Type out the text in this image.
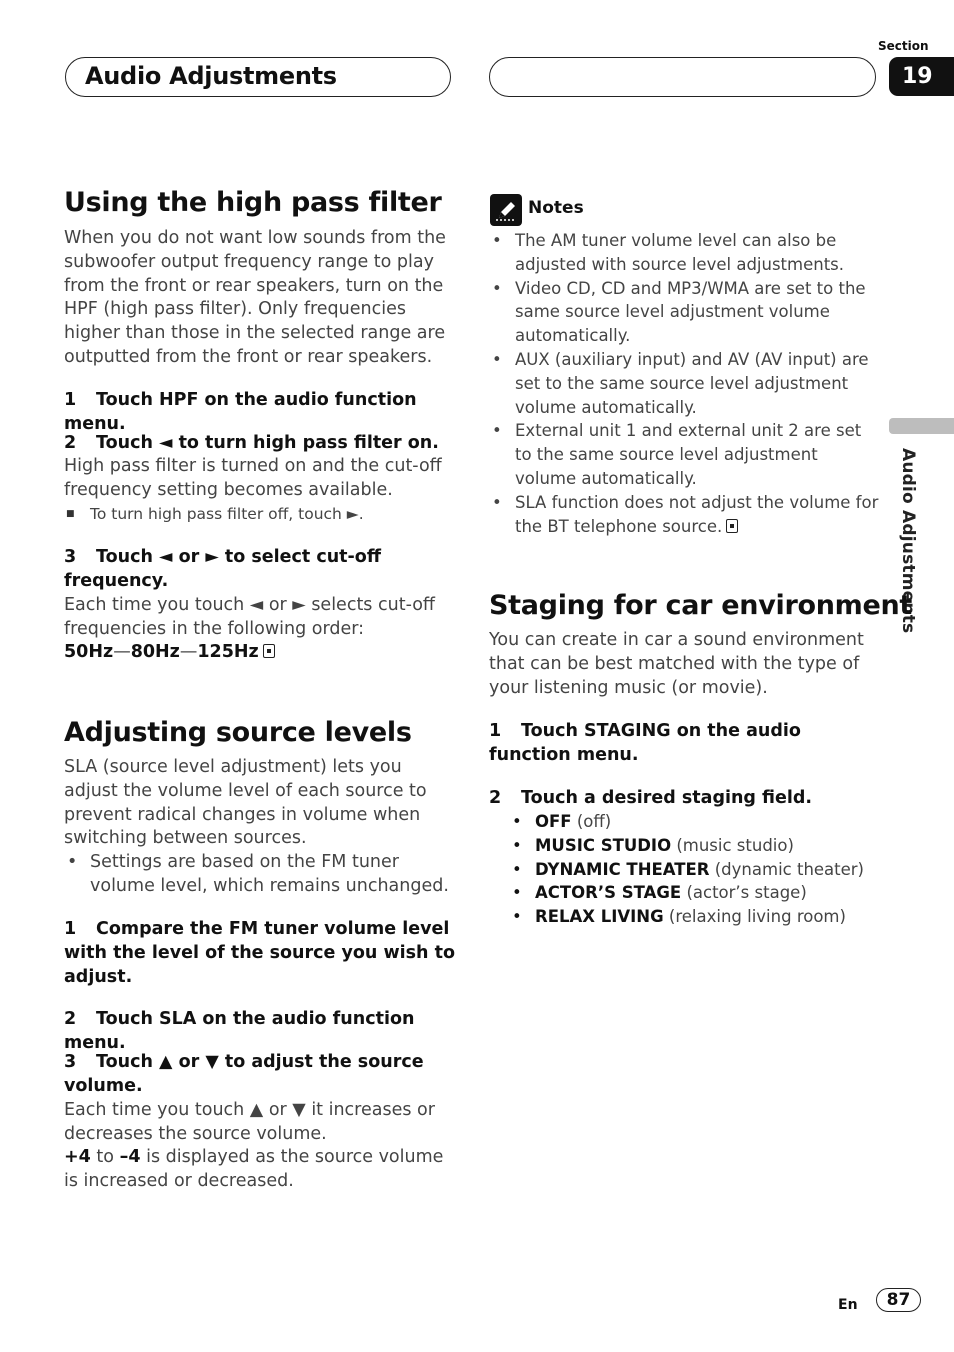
Audio Adjustments
Section
19
Audio Adjustments
Using the high pass filter
When you do not want low sounds from the subwoofer output frequency range to play from the front or rear speakers, turn on the HPF (high pass filter). Only frequencies higher than those in the selected range are outputted from the front or rear speakers.
1 Touch HPF on the audio function menu.
2 Touch ◄ to turn high pass filter on.
High pass filter is turned on and the cut-off frequency setting becomes available.
■ To turn high pass filter off, touch ►.
3 Touch ◄ or ► to select cut-off frequency.
Each time you touch ◄ or ► selects cut-off frequencies in the following order:
50Hz—80Hz—125Hz
Adjusting source levels
SLA (source level adjustment) lets you adjust the volume level of each source to prevent radical changes in volume when switching between sources.
• Settings are based on the FM tuner volume level, which remains unchanged.
1 Compare the FM tuner volume level with the level of the source you wish to adjust.
2 Touch SLA on the audio function menu.
3 Touch ▲ or ▼ to adjust the source volume.
Each time you touch ▲ or ▼ it increases or decreases the source volume.
+4 to –4 is displayed as the source volume is increased or decreased.
Notes
• The AM tuner volume level can also be adjusted with source level adjustments.
• Video CD, CD and MP3/WMA are set to the same source level adjustment volume automatically.
• AUX (auxiliary input) and AV (AV input) are set to the same source level adjustment volume automatically.
• External unit 1 and external unit 2 are set to the same source level adjustment volume automatically.
• SLA function does not adjust the volume for the BT telephone source.
Staging for car environment
You can create in car a sound environment that can be best matched with the type of your listening music (or movie).
1 Touch STAGING on the audio function menu.
2 Touch a desired staging field.
• OFF (off)
• MUSIC STUDIO (music studio)
• DYNAMIC THEATER (dynamic theater)
• ACTOR’S STAGE (actor’s stage)
• RELAX LIVING (relaxing living room)
En	87
